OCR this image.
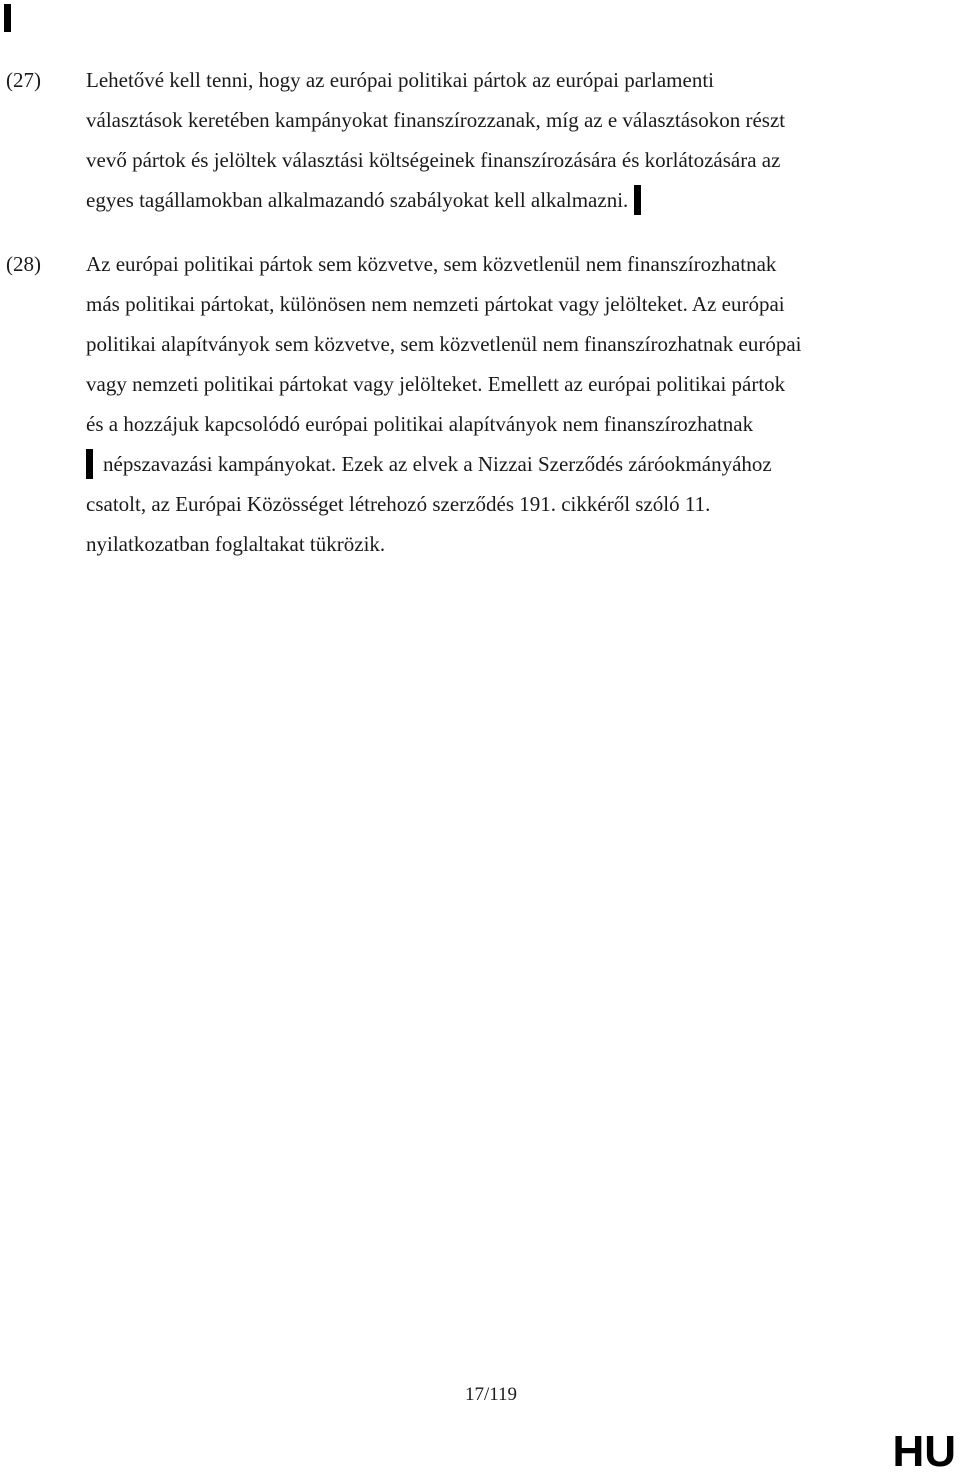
(27) Lehetővé kell tenni, hogy az európai politikai pártok az európai parlamenti
választások keretében kampányokat finanszírozzanak, míg az e választásokon részt
vevő pártok és jelöltek választási költségeinek finanszírozására és korlátozására az
egyes tagállamokban alkalmazandó szabályokat kell alkalmazni.
(28) Az európai politikai pártok sem közvetve, sem közvetlenül nem finanszírozhatnak
más politikai pártokat, különösen nem nemzeti pártokat vagy jelölteket. Az európai
politikai alapítványok sem közvetve, sem közvetlenül nem finanszírozhatnak európai
vagy nemzeti politikai pártokat vagy jelölteket. Emellett az európai politikai pártok
és a hozzájuk kapcsolódó európai politikai alapítványok nem finanszírozhatnak
népszavazási kampányokat. Ezek az elvek a Nizzai Szerződés záróokmányához
csatolt, az Európai Közösséget létrehozó szerződés 191. cikkéről szóló 11.
nyilatkozatban foglaltakat tükrözik.
17/119
HU
